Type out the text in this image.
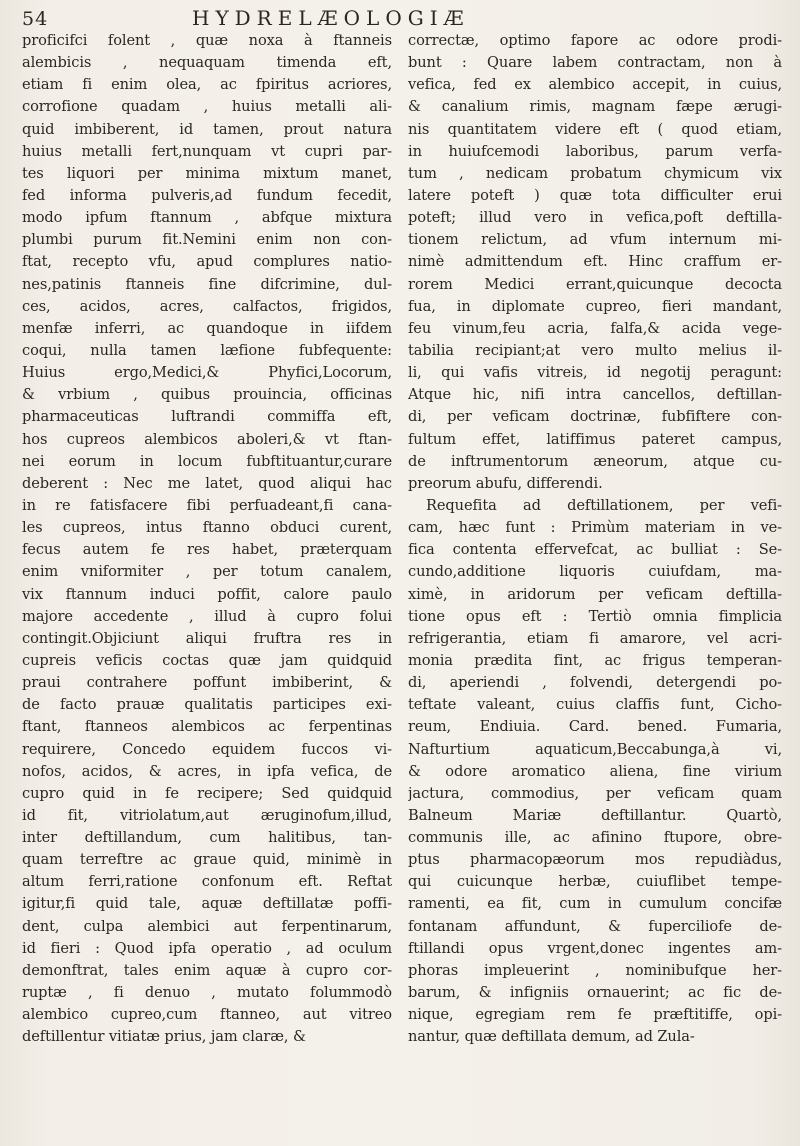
54	HYDRELÆOLOGIÆ
proficifci folent , quæ noxa à ftanneis
alembicis , nequaquam timenda eft,
etiam fi enim olea, ac fpiritus acriores,
corrofione quadam , huius metalli ali-
quid imbiberent, id tamen, prout natura
huius metalli fert,nunquam vt cupri par-
tes liquori per minima mixtum manet,
fed informa pulveris,ad fundum fecedit,
modo ipfum ftannum , abfque mixtura
plumbi purum fit.Nemini enim non con-
ftat, recepto vfu, apud complures natio-
nes,patinis ftanneis fine difcrimine, dul-
ces, acidos, acres, calfactos, frigidos,
menfæ inferri, ac quandoque in iifdem
coqui, nulla tamen læfione fubfequente:
Huius ergo,Medici,& Phyfici,Locorum,
& vrbium , quibus prouincia, officinas
pharmaceuticas luftrandi commiffa eft,
hos cupreos alembicos aboleri,& vt ftan-
nei eorum in locum fubftituantur,curare
deberent : Nec me latet, quod aliqui hac
in re fatisfacere fibi perfuadeant,fi cana-
les cupreos, intus ftanno obduci curent,
fecus autem fe res habet, præterquam
enim vniformiter , per totum canalem,
vix ftannum induci poffit, calore paulo
majore accedente , illud à cupro folui
contingit.Objiciunt aliqui fruftra res in
cupreis veficis coctas quæ jam quidquid
praui contrahere poffunt imbiberint, &
de facto prauæ qualitatis participes exi-
ftant, ftanneos alembicos ac ferpentinas
requirere, Concedo equidem fuccos vi-
nofos, acidos, & acres, in ipfa vefica, de
cupro quid in fe recipere; Sed quidquid
id fit, vitriolatum,aut æruginofum,illud,
inter deftillandum, cum halitibus, tan-
quam terreftre ac graue quid, minimè in
altum ferri,ratione confonum eft. Reftat
igitur,fi quid tale, aquæ deftillatæ poffi-
dent, culpa alembici aut ferpentinarum,
id fieri : Quod ipfa operatio , ad oculum
demonftrat, tales enim aquæ à cupro cor-
ruptæ , fi denuo , mutato folummodò
alembico cupreo,cum ftanneo, aut vitreo
deftillentur vitiatæ prius, jam claræ, &
correctæ, optimo fapore ac odore prodi-
bunt : Quare labem contractam, non à
vefica, fed ex alembico accepit, in cuius,
& canalium rimis, magnam fæpe ærugi-
nis quantitatem videre eft ( quod etiam,
in huiufcemodi laboribus, parum verfa-
tum , nedicam probatum chymicum vix
latere poteft ) quæ tota difficulter erui
poteft; illud vero in vefica,poft deftilla-
tionem relictum, ad vfum internum mi-
nimè admittendum eft. Hinc craffum er-
rorem Medici errant,quicunque decocta
fua, in diplomate cupreo, fieri mandant,
feu vinum,feu acria, falfa,& acida vege-
tabilia recipiant;at vero multo melius il-
li, qui vafis vitreis, id negotij peragunt:
Atque hic, nifi intra cancellos, deftillan-
di, per veficam doctrinæ, fubfiftere con-
fultum effet, latiffimus pateret campus,
de inftrumentorum æneorum, atque cu-
preorum abufu, differendi.
Requefita ad deftillationem, per vefi-
cam, hæc funt : Primùm materiam in ve-
fica contenta effervefcat, ac bulliat : Se-
cundo,additione liquoris cuiufdam, ma-
ximè, in aridorum per veficam deftilla-
tione opus eft : Tertiò omnia fimplicia
refrigerantia, etiam fi amarore, vel acri-
monia prædita fint, ac frigus temperan-
di, aperiendi , folvendi, detergendi po-
teftate valeant, cuius claffis funt, Cicho-
reum, Endiuia. Card. bened. Fumaria,
Nafturtium aquaticum,Beccabunga,à vi,
& odore aromatico aliena, fine virium
jactura, commodius, per veficam quam
Balneum Mariæ deftillantur. Quartò,
communis ille, ac afinino ftupore, obre-
ptus pharmacopæorum mos repudiàdus,
qui cuicunque herbæ, cuiuflibet tempe-
ramenti, ea fit, cum in cumulum concifæ
fontanam affundunt, & fuperciliofe de-
ftillandi opus vrgent,donec ingentes am-
phoras impleuerint , nominibufque her-
barum, & infigniis ornauerint; ac fic de-
nique, egregiam rem fe præftitiffe, opi-
nantur, quæ deftillata demum, ad Zula-
